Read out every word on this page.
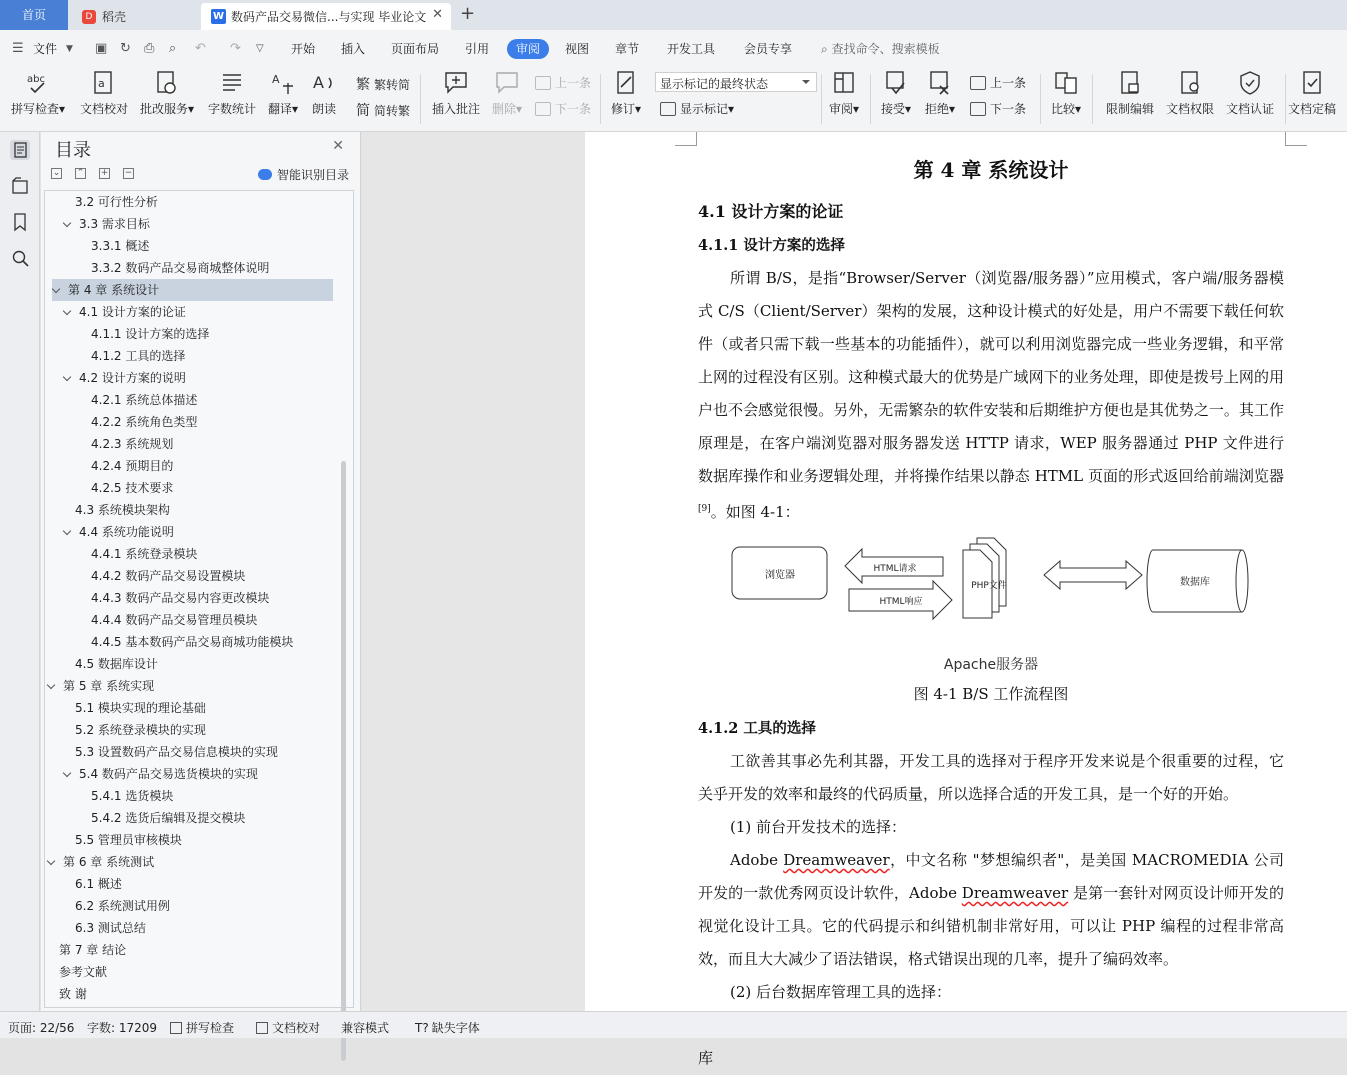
首页	D 稻壳	W 数码产品交易微信...与实现 毕业论文 ✕ +
☰ 文件 ▼ ▣ ↻ ⎙ ⌕ ↶ ↷ ▽ 开始 插入 页面布局 引用	审阅	视图 章节 开发工具 会员专享 ⌕ 查找命令、搜索模板
abc
拼写检查▾
a
文档校对 批改服务▾ 字数统计
A
翻译▾
A
朗读
繁 繁转简
简 简转繁 插入批注 删除▾
上一条
下一条 修订▾
显示标记的最终状态
显示标记 ▾	审阅▾ 接受▾ 拒绝▾
上一条
下一条 比较▾	限制编辑 文档权限 文档认证	文档定稿
目录	✕
⌄ ⌃ + −	智能识别目录
3.2 可行性分析
3.3 需求目标
3.3.1 概述
3.3.2 数码产品交易商城整体说明
第 4 章 系统设计
4.1 设计方案的论证
4.1.1 设计方案的选择
4.1.2 工具的选择
4.2 设计方案的说明
4.2.1 系统总体描述
4.2.2 系统角色类型
4.2.3 系统规划
4.2.4 预期目的
4.2.5 技术要求
4.3 系统模块架构
4.4 系统功能说明
4.4.1 系统登录模块
4.4.2 数码产品交易设置模块
4.4.3 数码产品交易内容更改模块
4.4.4 数码产品交易管理员模块
4.4.5 基本数码产品交易商城功能模块
4.5 数据库设计
第 5 章 系统实现
5.1 模块实现的理论基础
5.2 系统登录模块的实现
5.3 设置数码产品交易信息模块的实现
5.4 数码产品交易选货模块的实现
5.4.1 选货模块
5.4.2 选货后编辑及提交模块
5.5 管理员审核模块
第 6 章 系统测试
6.1 概述
6.2 系统测试用例
6.3 测试总结
第 7 章 结论
参考文献
致 谢
第 4 章 系统设计
4.1 设计方案的论证
4.1.1 设计方案的选择
所谓 B/S，是指“Browser/Server（浏览器/服务器）”应用模式，客户端/服务器模式 C/S（Client/Server）架构的发展，这种设计模式的好处是，用户不需要下载任何软件（或者只需下载一些基本的功能插件），就可以利用浏览器完成一些业务逻辑，和平常上网的过程没有区别。这种模式最大的优势是广域网下的业务处理，即使是拨号上网的用户也不会感觉很慢。另外，无需繁杂的软件安装和后期维护方便也是其优势之一。其工作原理是，在客户端浏览器对服务器发送 HTTP 请求，WEP 服务器通过 PHP 文件进行数据库操作和业务逻辑处理，并将操作结果以静态 HTML 页面的形式返回给前端浏览器[9]。如图 4-1：
浏览器
HTML请求
HTML响应
PHP文件	数据库
Apache服务器
图 4-1 B/S 工作流程图
4.1.2 工具的选择
工欲善其事必先利其器，开发工具的选择对于程序开发来说是个很重要的过程，它关乎开发的效率和最终的代码质量，所以选择合适的开发工具，是一个好的开始。
(1) 前台开发技术的选择：
Adobe Dreamweaver，中文名称 "梦想编织者"，是美国 MACROMEDIA 公司开发的一款优秀网页设计软件，Adobe Dreamweaver 是第一套针对网页设计师开发的视觉化设计工具。它的代码提示和纠错机制非常好用，可以让 PHP 编程的过程非常高效，而且大大减少了语法错误，格式错误出现的几率，提升了编码效率。
(2) 后台数据库管理工具的选择：
库
页面: 22/56 字数: 17209 拼写检查	文档校对 兼容模式 T? 缺失字体
